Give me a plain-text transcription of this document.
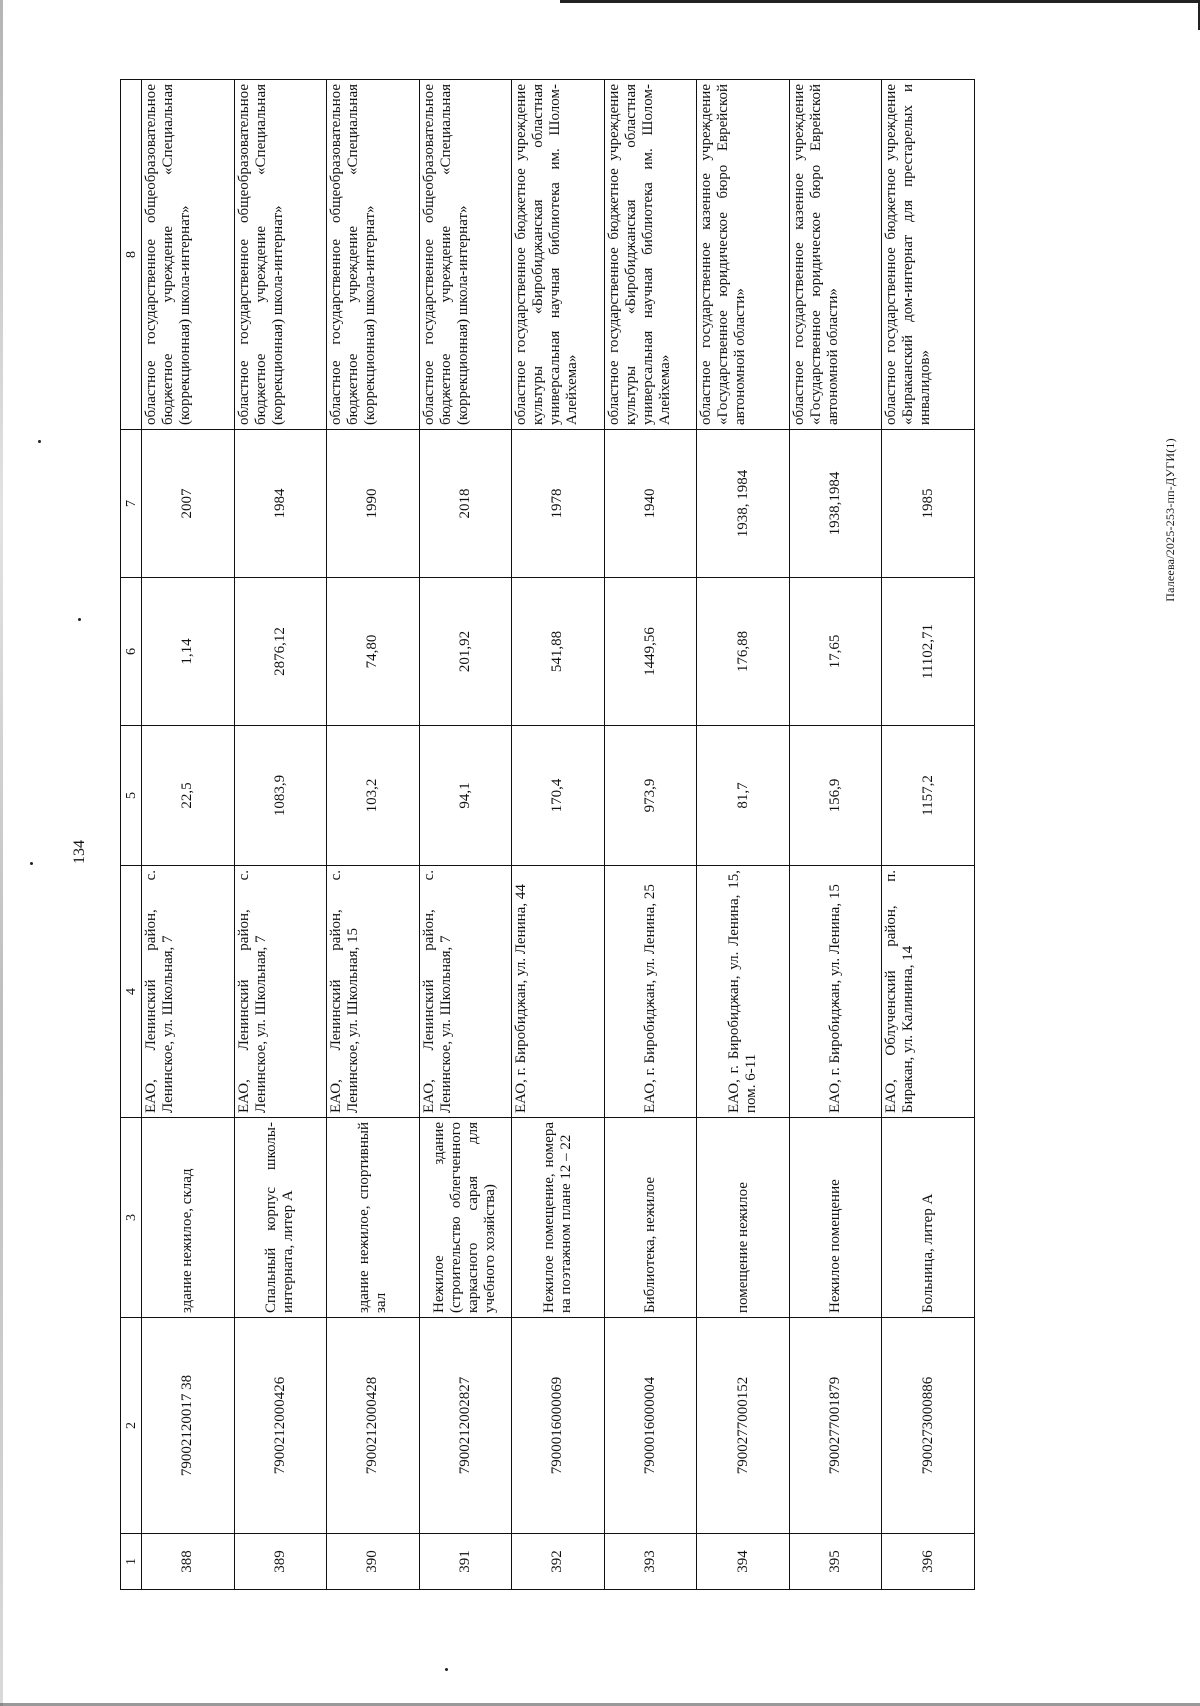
134
Палеева/2025-253-пп-ДУГИ(1)
1	2	3	4	5	6	7	8
388	79002120017 38	здание нежилое, склад	ЕАО, Ленинский район, с. Ленинское, ул. Школьная, 7	22,5	1,14	2007	областное государственное общеобразовательное бюджетное учреждение «Специальная (коррекционная) школа-интернат»
389	7900212000426	Спальный корпус школы-интерната, литер А	ЕАО, Ленинский район, с. Ленинское, ул. Школьная, 7	1083,9	2876,12	1984	областное государственное общеобразовательное бюджетное учреждение «Специальная (коррекционная) школа-интернат»
390	7900212000428	здание нежилое, спортивный зал	ЕАО, Ленинский район, с. Ленинское, ул. Школьная, 15	103,2	74,80	1990	областное государственное общеобразовательное бюджетное учреждение «Специальная (коррекционная) школа-интернат»
391	7900212002827	Нежилое здание (строительство облегченного каркасного сарая для учебного хозяйства)	ЕАО, Ленинский район, с. Ленинское, ул. Школьная, 7	94,1	201,92	2018	областное государственное общеобразовательное бюджетное учреждение «Специальная (коррекционная) школа-интернат»
392	7900016000069	Нежилое помещение, номера на поэтажном плане 12 – 22	ЕАО, г. Биробиджан, ул. Ленина, 44	170,4	541,88	1978	областное государственное бюджетное учреждение культуры «Биробиджанская областная универсальная научная библиотека им. Шолом-Алейхема»
393	7900016000004	Библиотека, нежилое	ЕАО, г. Биробиджан, ул. Ленина, 25	973,9	1449,56	1940	областное государственное бюджетное учреждение культуры «Биробиджанская областная универсальная научная библиотека им. Шолом-Алейхема»
394	7900277000152	помещение нежилое	ЕАО, г. Биробиджан, ул. Ленина, 15, пом. 6-11	81,7	176,88	1938, 1984	областное государственное казенное учреждение «Государственное юридическое бюро Еврейской автономной области»
395	7900277001879	Нежилое помещение	ЕАО, г. Биробиджан, ул. Ленина, 15	156,9	17,65	1938,1984	областное государственное казенное учреждение «Государственное юридическое бюро Еврейской автономной области»
396	7900273000886	Больница, литер А	ЕАО, Облученский район, п. Биракан, ул. Калинина, 14	1157,2	11102,71	1985	областное государственное бюджетное учреждение «Бираканский дом-интернат для престарелых и инвалидов»
